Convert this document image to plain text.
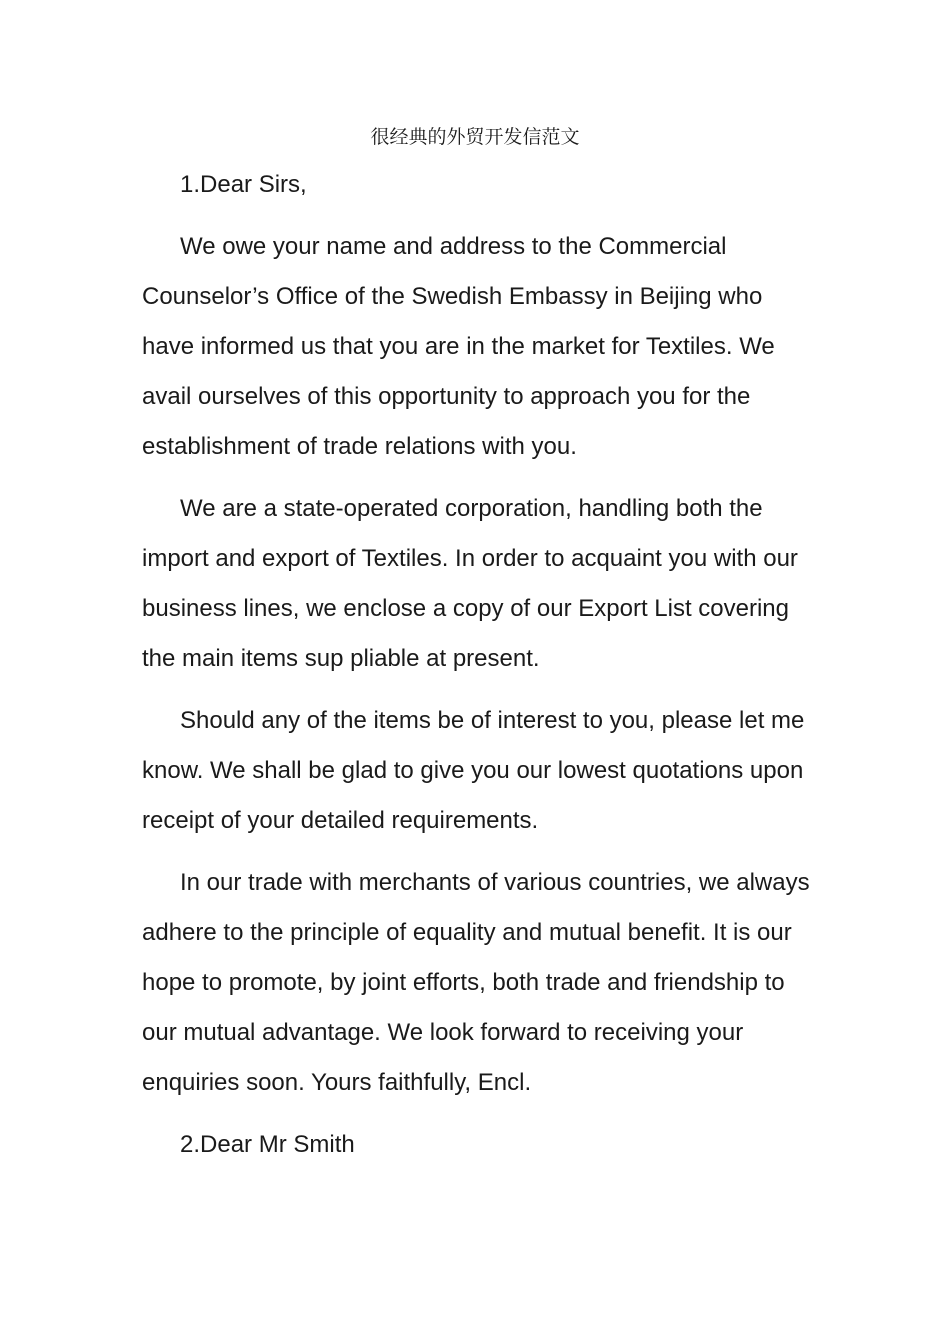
很经典的外贸开发信范文

1.Dear Sirs,

We owe your name and address to the Commercial Counselor’s Office of the Swedish Embassy in Beijing who have informed us that you are in the market for Textiles. We avail ourselves of this opportunity to approach you for the establishment of trade relations with you.

We are a state-operated corporation, handling both the import and export of Textiles. In order to acquaint you with our business lines, we enclose a copy of our Export List covering the main items sup pliable at present.

Should any of the items be of interest to you, please let me know. We shall be glad to give you our lowest quotations upon receipt of your detailed requirements.

In our trade with merchants of various countries, we always adhere to the principle of equality and mutual benefit. It is our hope to promote, by joint efforts, both trade and friendship to our mutual advantage. We look forward to receiving your enquiries soon. Yours faithfully, Encl.

2.Dear Mr Smith
